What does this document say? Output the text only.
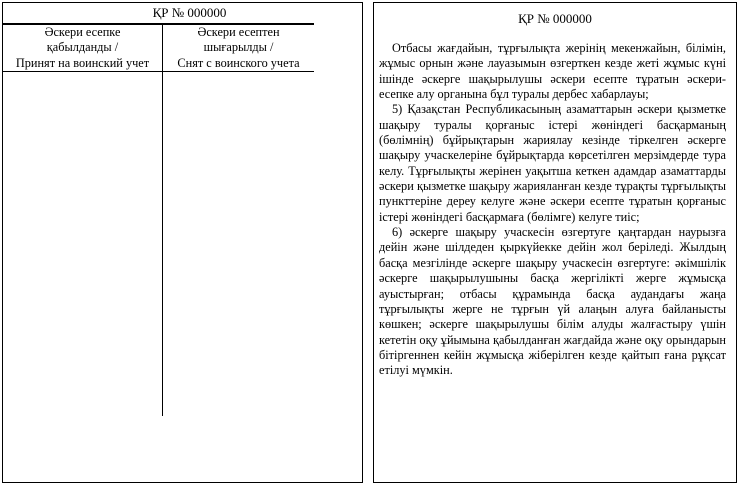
ҚР № 000000
Әскери есепке
қабылданды /
Принят на воинский учет
Әскери есептен
шығарылды /
Снят с воинского учета
ҚР № 000000

Отбасы жағдайын, тұрғылықта жерінің мекенжайын, білімін, жұмыс орнын және лауазымын өзгерткен кезде жеті жұмыс күні ішінде әскерге шақырылушы әскери есепте тұратын әскери- есепке алу органына бұл туралы дербес хабарлауы;

5) Қазақстан Республикасының азаматтарын әскери қызметке шақыру туралы қорғаныс істері жөніндегі басқарманың (бөлімнің) бұйрықтарын жариялау кезінде тіркелген әскерге шақыру учаскелеріне бұйрықтарда көрсетілген мерзімдерде тура келу. Тұрғылықты жерінен уақытша кеткен адамдар азаматтарды әскери қызметке шақыру жарияланған кезде тұрақты тұрғылықты пункттеріне дереу келуге және әскери есепте тұратын қорғаныс істері жөніндегі басқармаға (бөлімге) келуге тиіс;

6) әскерге шақыру учаскесін өзгертуге қаңтардан наурызға дейін және шілдеден қыркүйекке дейін жол беріледі. Жылдың басқа мезгілінде әскерге шақыру учаскесін өзгертуге: әкімшілік әскерге шақырылушыны басқа жергілікті жерге жұмысқа ауыстырған; отбасы құрамында басқа аудандағы жаңа тұрғылықты жерге не тұрғын үй алаңын алуға байланысты көшкен; әскерге шақырылушы білім алуды жалғастыру үшін кететін оқу ұйымына қабылданған жағдайда және оқу орындарын бітіргеннен кейін жұмысқа жіберілген кезде қайтып ғана рұқсат етілуі мүмкін.
